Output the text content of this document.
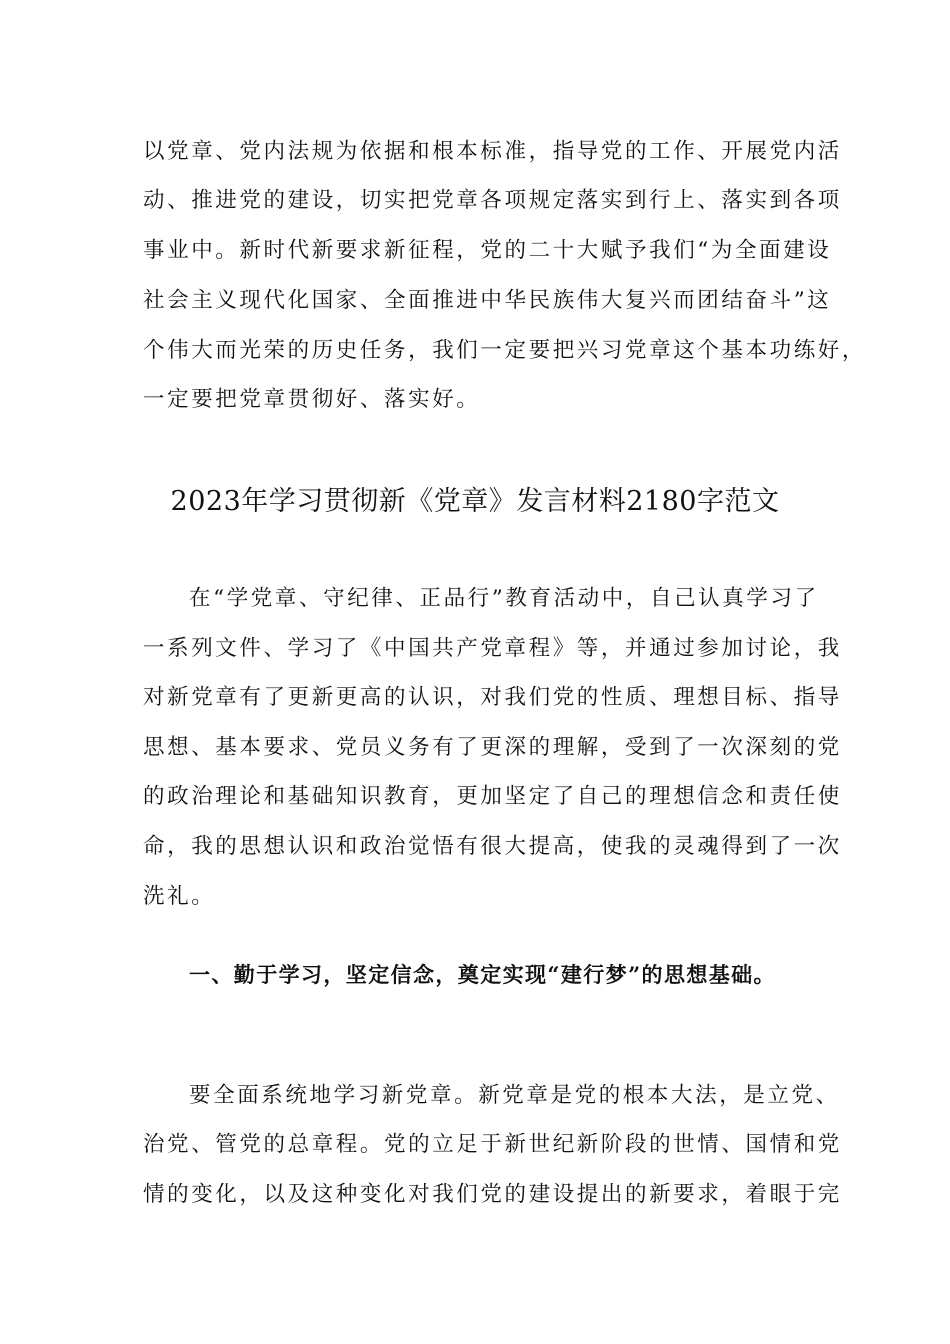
以党章、党内法规为依据和根本标准，指导党的工作、开展党内活
动、推进党的建设，切实把党章各项规定落实到行上、落实到各项
事业中。新时代新要求新征程，党的二十大赋予我们“为全面建设
社会主义现代化国家、全面推进中华民族伟大复兴而团结奋斗”这
个伟大而光荣的历史任务，我们一定要把兴习党章这个基本功练好，
一定要把党章贯彻好、落实好。
2023年学习贯彻新《党章》发言材料2180字范文
在“学党章、守纪律、正品行”教育活动中，自己认真学习了
一系列文件、学习了《中国共产党章程》等，并通过参加讨论，我
对新党章有了更新更高的认识，对我们党的性质、理想目标、指导
思想、基本要求、党员义务有了更深的理解，受到了一次深刻的党
的政治理论和基础知识教育，更加坚定了自己的理想信念和责任使
命，我的思想认识和政治觉悟有很大提高，使我的灵魂得到了一次
洗礼。
一、勤于学习，坚定信念，奠定实现“建行梦”的思想基础。
要全面系统地学习新党章。新党章是党的根本大法，是立党、
治党、管党的总章程。党的立足于新世纪新阶段的世情、国情和党
情的变化，以及这种变化对我们党的建设提出的新要求，着眼于完
